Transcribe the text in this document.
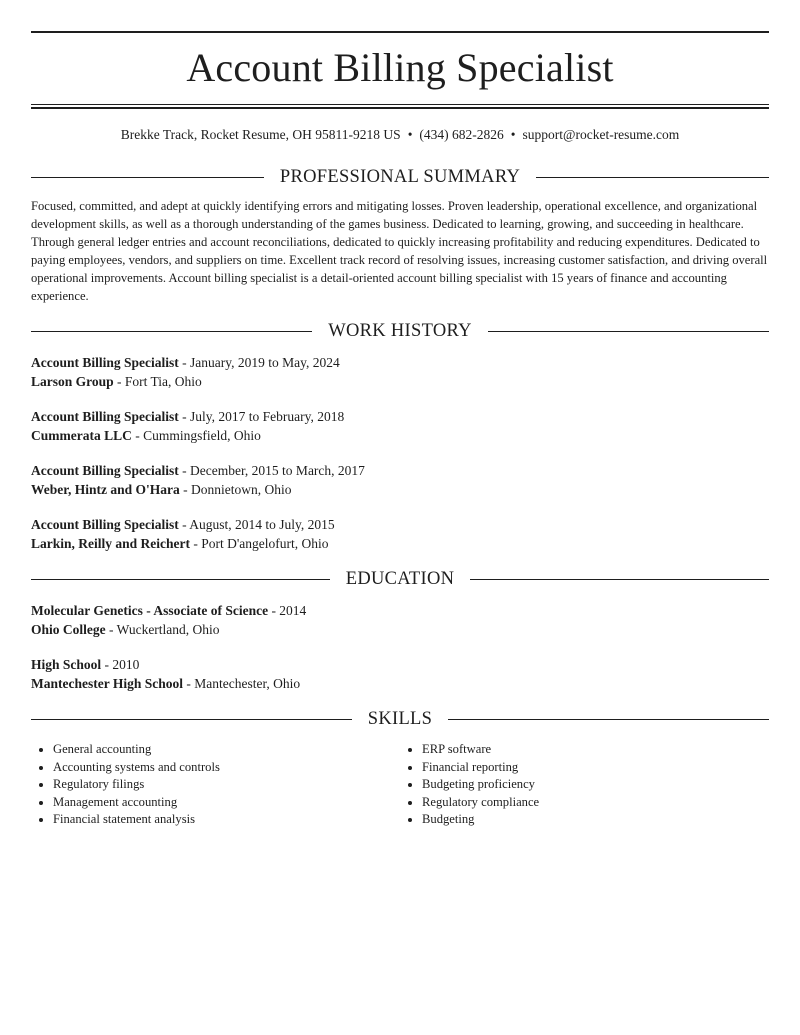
Account Billing Specialist
Brekke Track, Rocket Resume, OH 95811-9218 US • (434) 682-2826 • support@rocket-resume.com
PROFESSIONAL SUMMARY

Focused, committed, and adept at quickly identifying errors and mitigating losses. Proven leadership, operational excellence, and organizational development skills, as well as a thorough understanding of the games business. Dedicated to learning, growing, and succeeding in healthcare. Through general ledger entries and account reconciliations, dedicated to quickly increasing profitability and reducing expenditures. Dedicated to paying employees, vendors, and suppliers on time. Excellent track record of resolving issues, increasing customer satisfaction, and driving overall operational improvements. Account billing specialist is a detail-oriented account billing specialist with 15 years of finance and accounting experience.

WORK HISTORY
Account Billing Specialist - January, 2019 to May, 2024
Larson Group - Fort Tia, Ohio
Account Billing Specialist - July, 2017 to February, 2018
Cummerata LLC - Cummingsfield, Ohio
Account Billing Specialist - December, 2015 to March, 2017
Weber, Hintz and O'Hara - Donnietown, Ohio
Account Billing Specialist - August, 2014 to July, 2015
Larkin, Reilly and Reichert - Port D'angelofurt, Ohio
EDUCATION
Molecular Genetics - Associate of Science - 2014
Ohio College - Wuckertland, Ohio
High School - 2010
Mantechester High School - Mantechester, Ohio
SKILLS
• General accounting
• Accounting systems and controls
• Regulatory filings
• Management accounting
• Financial statement analysis
• ERP software
• Financial reporting
• Budgeting proficiency
• Regulatory compliance
• Budgeting
